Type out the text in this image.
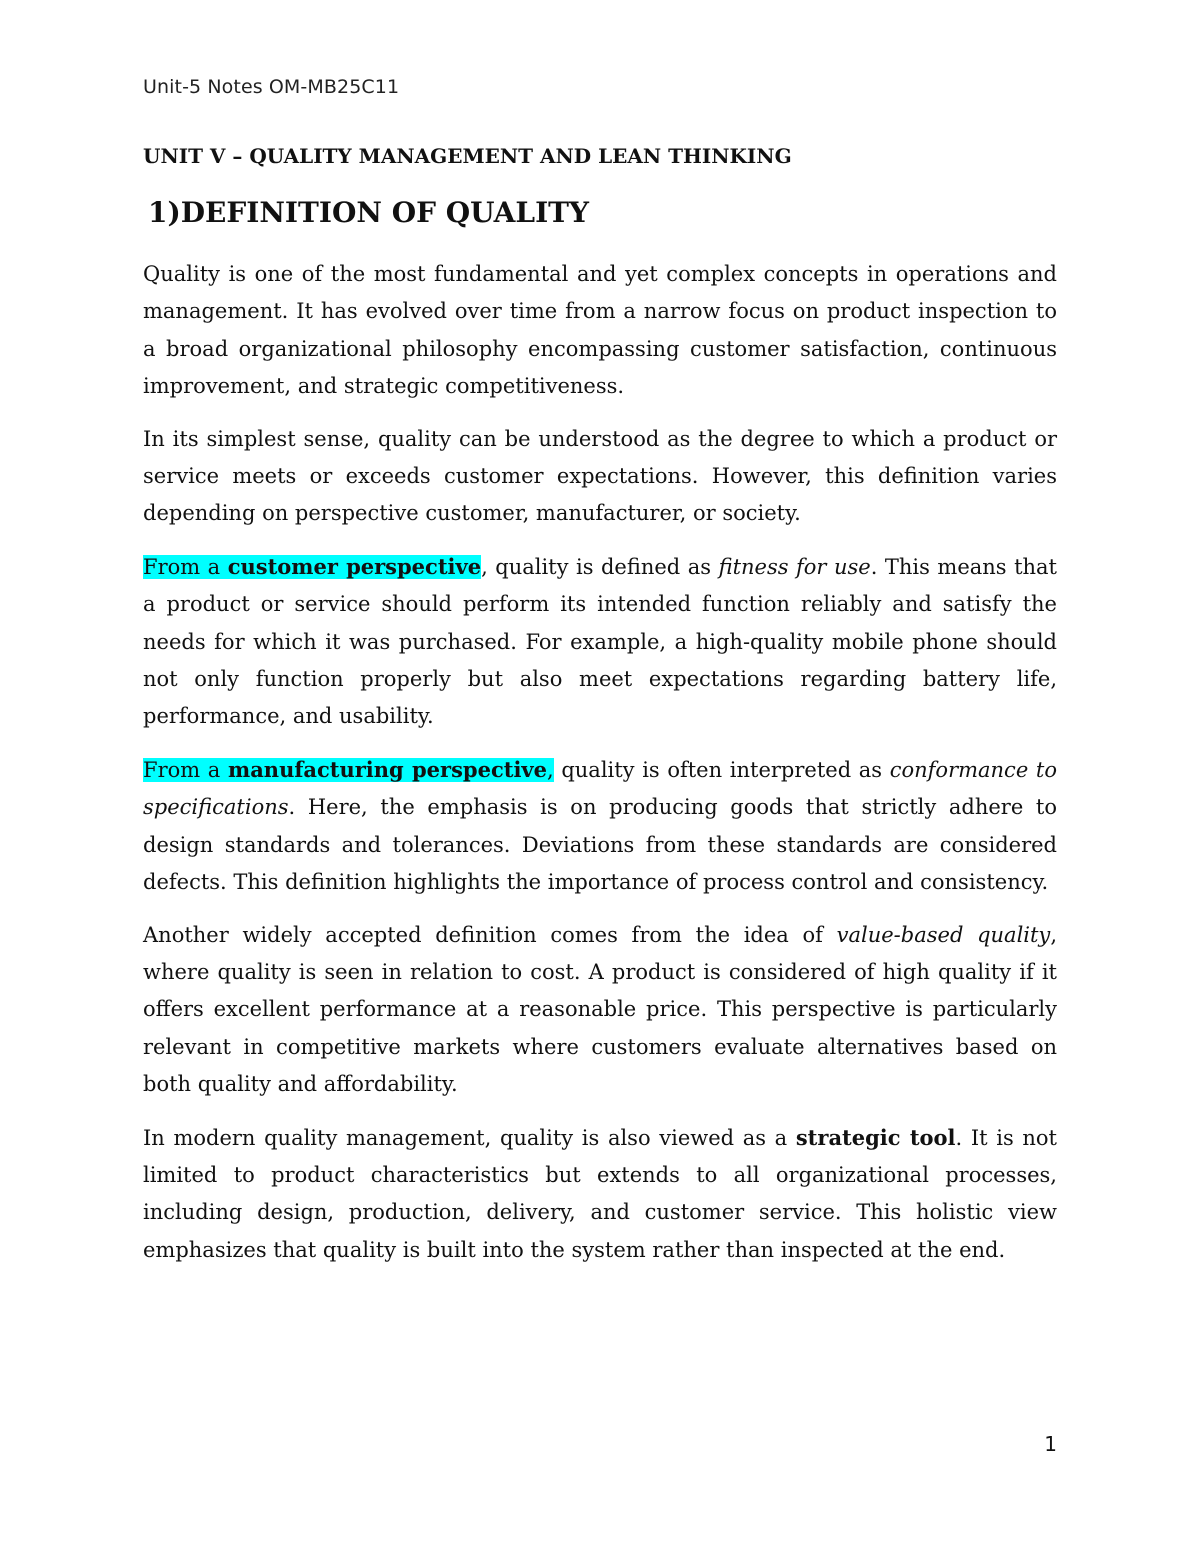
Unit-5 Notes OM-MB25C11
UNIT V – QUALITY MANAGEMENT AND LEAN THINKING
1)DEFINITION OF QUALITY

Quality is one of the most fundamental and yet complex concepts in operations and management. It has evolved over time from a narrow focus on product inspection to a broad organizational philosophy encompassing customer satisfaction, continuous improvement, and strategic competitiveness.

In its simplest sense, quality can be understood as the degree to which a product or service meets or exceeds customer expectations. However, this definition varies depending on perspective customer, manufacturer, or society.

From a customer perspective, quality is defined as fitness for use. This means that a product or service should perform its intended function reliably and satisfy the needs for which it was purchased. For example, a high-quality mobile phone should not only function properly but also meet expectations regarding battery life, performance, and usability.

From a manufacturing perspective, quality is often interpreted as conformance to specifications. Here, the emphasis is on producing goods that strictly adhere to design standards and tolerances. Deviations from these standards are considered defects. This definition highlights the importance of process control and consistency.

Another widely accepted definition comes from the idea of value-based quality, where quality is seen in relation to cost. A product is considered of high quality if it offers excellent performance at a reasonable price. This perspective is particularly relevant in competitive markets where customers evaluate alternatives based on both quality and affordability.

In modern quality management, quality is also viewed as a strategic tool. It is not limited to product characteristics but extends to all organizational processes, including design, production, delivery, and customer service. This holistic view emphasizes that quality is built into the system rather than inspected at the end.

1
